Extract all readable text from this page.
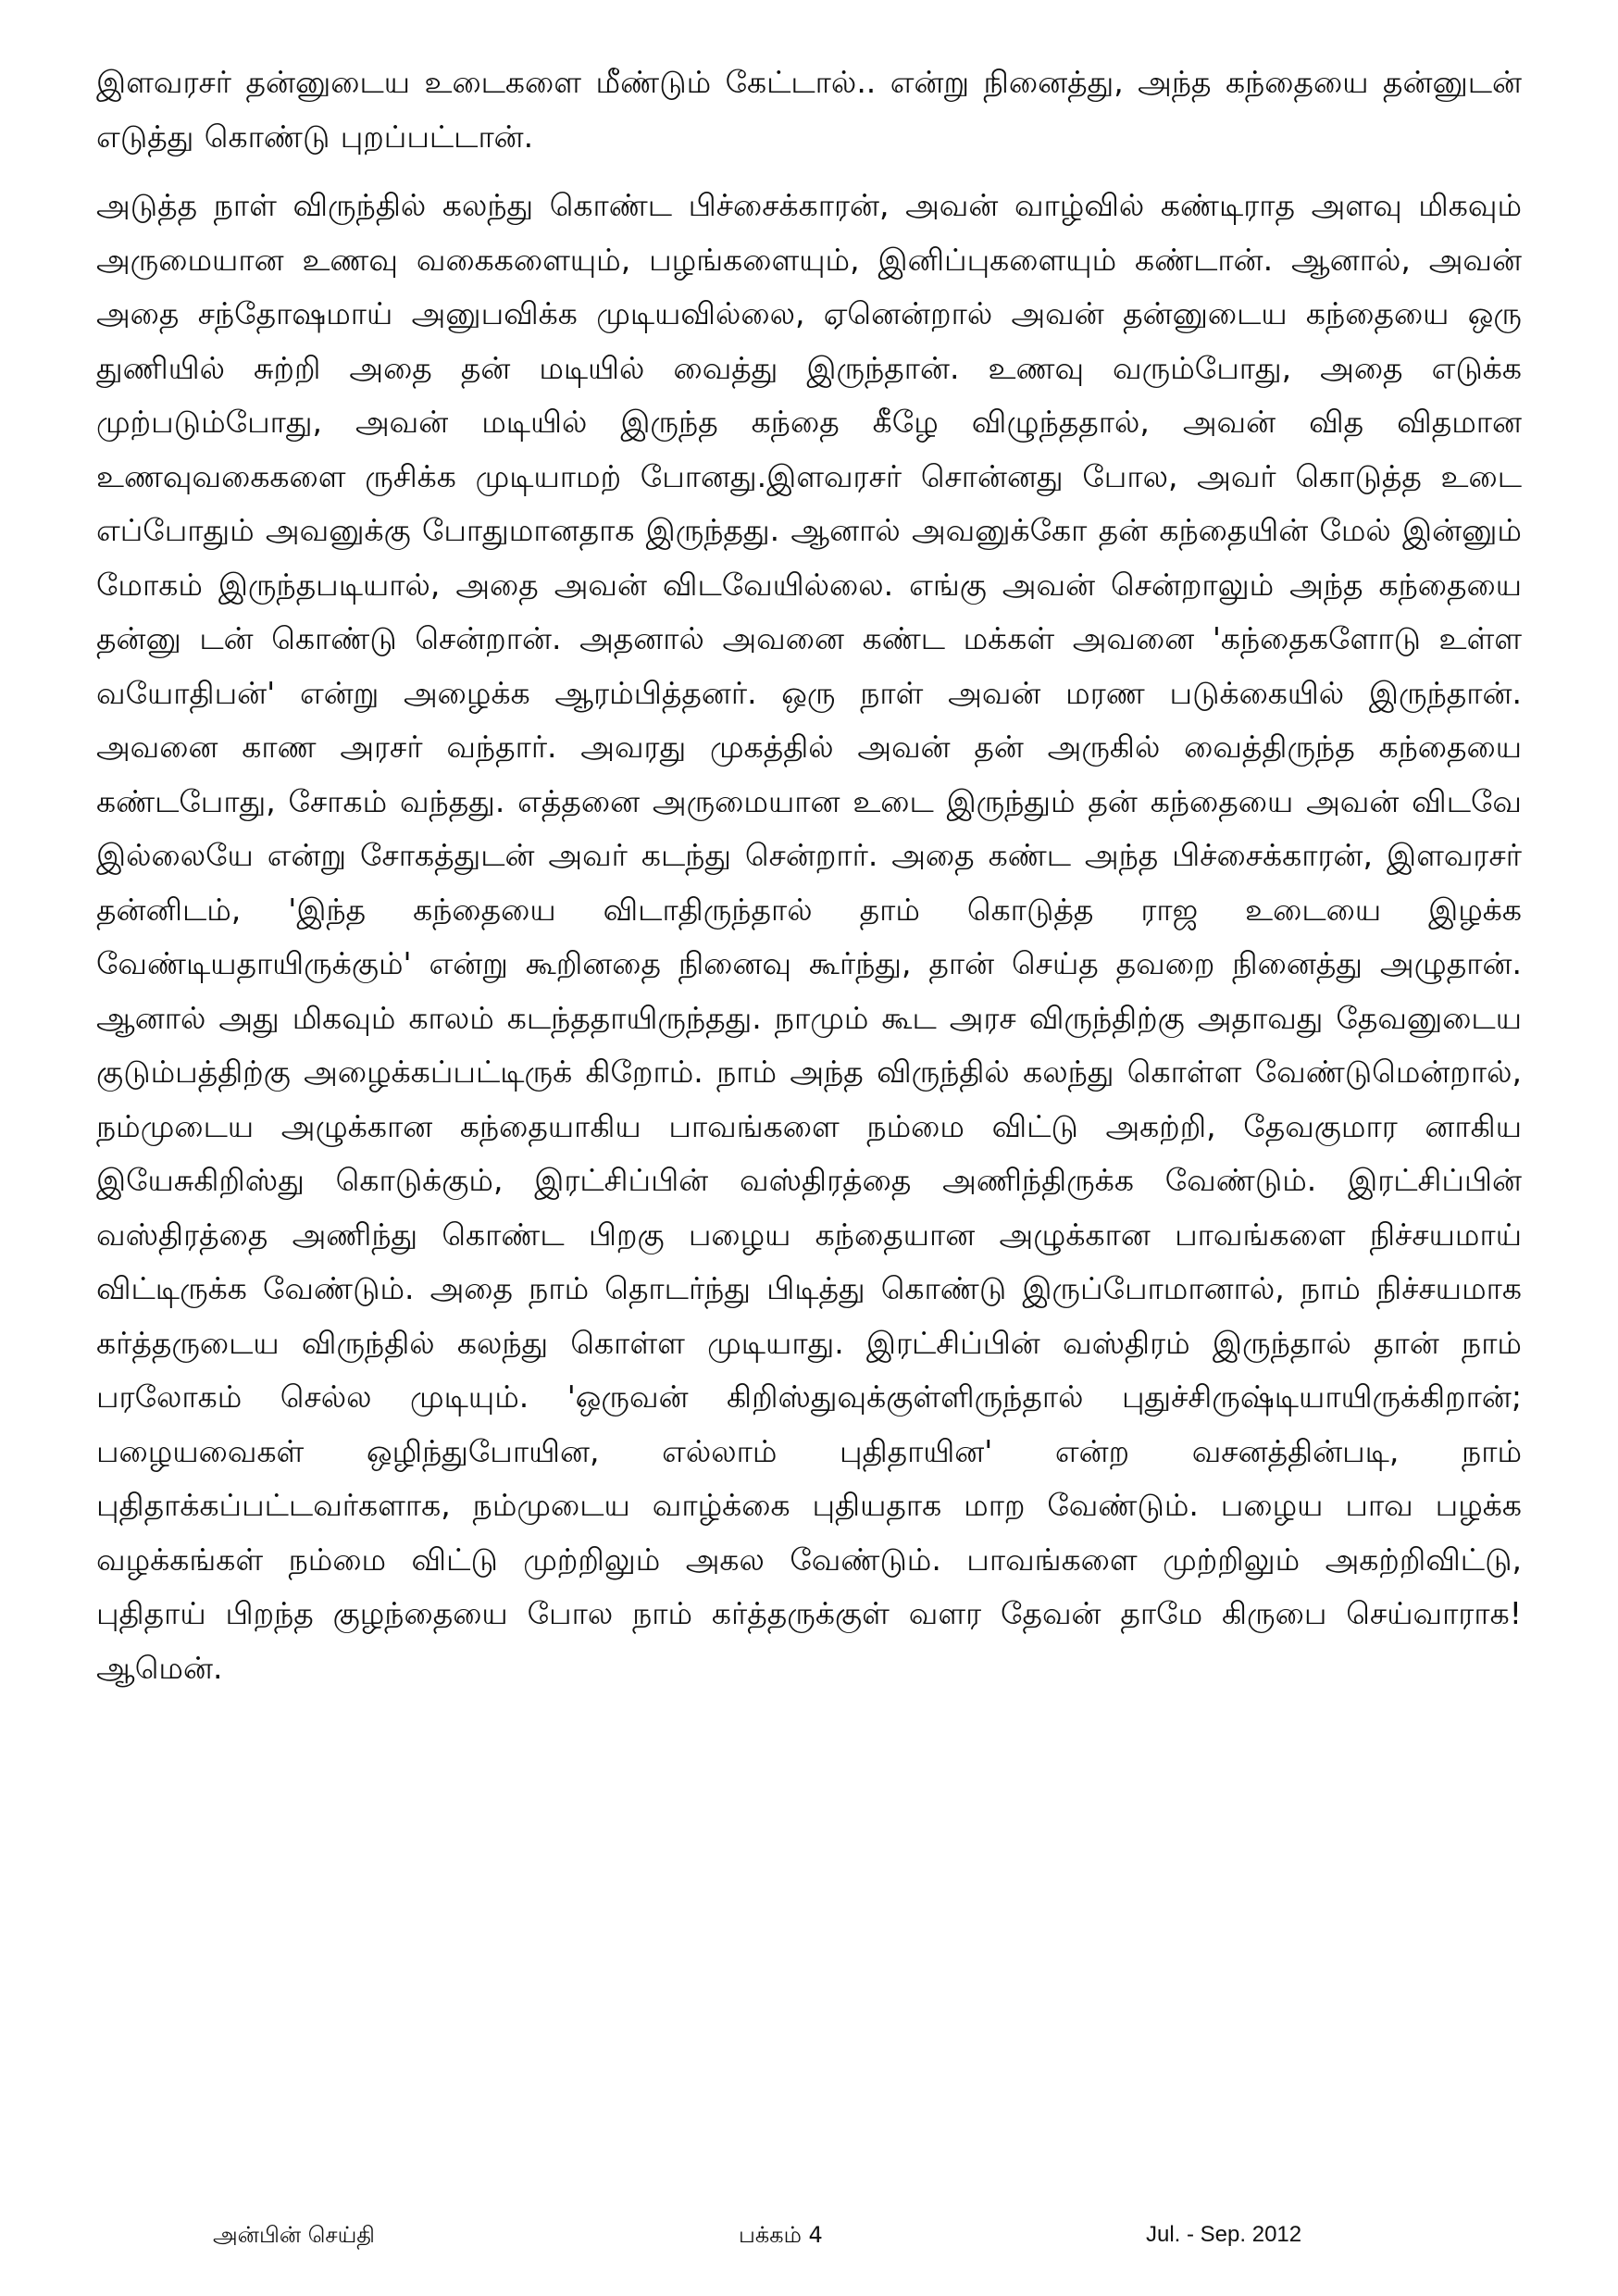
இளவரசர் தன்னுடைய உடைகளை மீண்டும் கேட்டால்.. என்று நினைத்து, அந்த கந்தையை தன்னுடன் எடுத்து கொண்டு புறப்பட்டான்.

அடுத்த நாள் விருந்தில் கலந்து கொண்ட பிச்சைக்காரன், அவன் வாழ்வில் கண்டிராத அளவு மிகவும் அருமையான உணவு வகைகளையும், பழங்களையும், இனிப்புகளையும் கண்டான். ஆனால், அவன் அதை சந்தோஷமாய் அனுபவிக்க முடியவில்லை, ஏனென்றால் அவன் தன்னுடைய கந்தையை ஒரு துணியில் சுற்றி அதை தன் மடியில் வைத்து இருந்தான். உணவு வரும்போது, அதை எடுக்க முற்படும்போது, அவன் மடியில் இருந்த கந்தை கீழே விழுந்ததால், அவன் வித விதமான உணவுவகைகளை ருசிக்க முடியாமற் போனது.இளவரசர் சொன்னது போல, அவர் கொடுத்த உடை எப்போதும் அவனுக்கு போதுமானதாக இருந்தது. ஆனால் அவனுக்கோ தன் கந்தையின் மேல் இன்னும் மோகம் இருந்தபடியால், அதை அவன் விடவேயில்லை. எங்கு அவன் சென்றாலும் அந்த கந்தையை தன்னு டன் கொண்டு சென்றான். அதனால் அவனை கண்ட மக்கள் அவனை 'கந்தைகளோடு உள்ள வயோதிபன்' என்று அழைக்க ஆரம்பித்தனர். ஒரு நாள் அவன் மரண படுக்கையில் இருந்தான். அவனை காண அரசர் வந்தார். அவரது முகத்தில் அவன் தன் அருகில் வைத்திருந்த கந்தையை கண்டபோது, சோகம் வந்தது. எத்தனை அருமையான உடை இருந்தும் தன் கந்தையை அவன் விடவே இல்லையே என்று சோகத்துடன் அவர் கடந்து சென்றார். அதை கண்ட அந்த பிச்சைக்காரன், இளவரசர் தன்னிடம், 'இந்த கந்தையை விடாதிருந்தால் தாம் கொடுத்த ராஜ உடையை இழக்க வேண்டியதாயிருக்கும்' என்று கூறினதை நினைவு கூர்ந்து, தான் செய்த தவறை நினைத்து அழுதான். ஆனால் அது மிகவும் காலம் கடந்ததாயிருந்தது. நாமும் கூட அரச விருந்திற்கு அதாவது தேவனுடைய குடும்பத்திற்கு அழைக்கப்பட்டிருக் கிறோம். நாம் அந்த விருந்தில் கலந்து கொள்ள வேண்டுமென்றால், நம்முடைய அழுக்கான கந்தையாகிய பாவங்களை நம்மை விட்டு அகற்றி, தேவகுமார னாகிய இயேசுகிறிஸ்து கொடுக்கும், இரட்சிப்பின் வஸ்திரத்தை அணிந்திருக்க வேண்டும். இரட்சிப்பின் வஸ்திரத்தை அணிந்து கொண்ட பிறகு பழைய கந்தையான அழுக்கான பாவங்களை நிச்சயமாய் விட்டிருக்க வேண்டும். அதை நாம் தொடர்ந்து பிடித்து கொண்டு இருப்போமானால், நாம் நிச்சயமாக கர்த்தருடைய விருந்தில் கலந்து கொள்ள முடியாது. இரட்சிப்பின் வஸ்திரம் இருந்தால் தான் நாம் பரலோகம் செல்ல முடியும். 'ஒருவன் கிறிஸ்துவுக்குள்ளிருந்தால் புதுச்சிருஷ்டியாயிருக்கிறான்; பழையவைகள் ஒழிந்துபோயின, எல்லாம் புதிதாயின' என்ற வசனத்தின்படி, நாம் புதிதாக்கப்பட்டவர்களாக, நம்முடைய வாழ்க்கை புதியதாக மாற வேண்டும். பழைய பாவ பழக்க வழக்கங்கள் நம்மை விட்டு முற்றிலும் அகல வேண்டும். பாவங்களை முற்றிலும் அகற்றிவிட்டு, புதிதாய் பிறந்த குழந்தையை போல நாம் கர்த்தருக்குள் வளர தேவன் தாமே கிருபை செய்வாராக! ஆமென்.

அன்பின் செய்தி	பக்கம் 4	Jul. - Sep. 2012
